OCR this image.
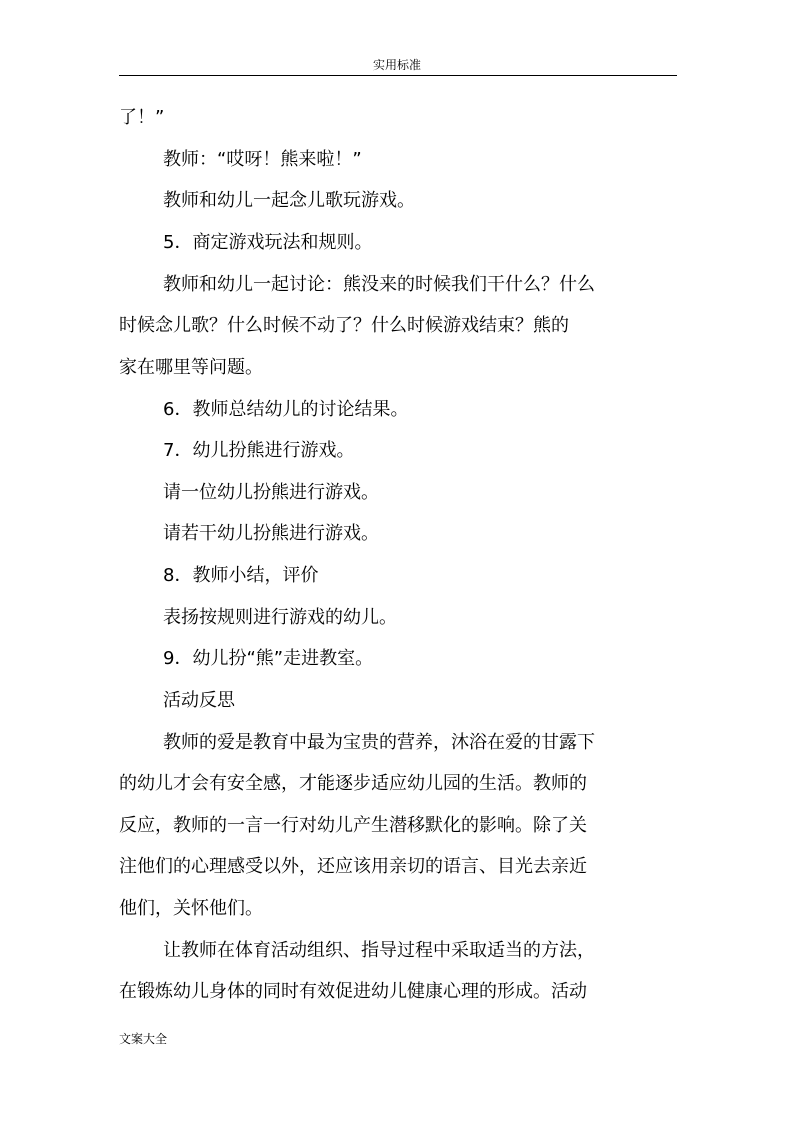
实用标准
了！”
教师：“哎呀！熊来啦！”
教师和幼儿一起念儿歌玩游戏。
5．商定游戏玩法和规则。
教师和幼儿一起讨论：熊没来的时候我们干什么？什么
时候念儿歌？什么时候不动了？什么时候游戏结束？熊的
家在哪里等问题。
6．教师总结幼儿的讨论结果。
7．幼儿扮熊进行游戏。
请一位幼儿扮熊进行游戏。
请若干幼儿扮熊进行游戏。
8．教师小结，评价
表扬按规则进行游戏的幼儿。
9．幼儿扮“熊”走进教室。
活动反思
教师的爱是教育中最为宝贵的营养，沐浴在爱的甘露下
的幼儿才会有安全感，才能逐步适应幼儿园的生活。教师的
反应，教师的一言一行对幼儿产生潜移默化的影响。除了关
注他们的心理感受以外，还应该用亲切的语言、目光去亲近
他们，关怀他们。
让教师在体育活动组织、指导过程中采取适当的方法，
在锻炼幼儿身体的同时有效促进幼儿健康心理的形成。活动
文案大全
